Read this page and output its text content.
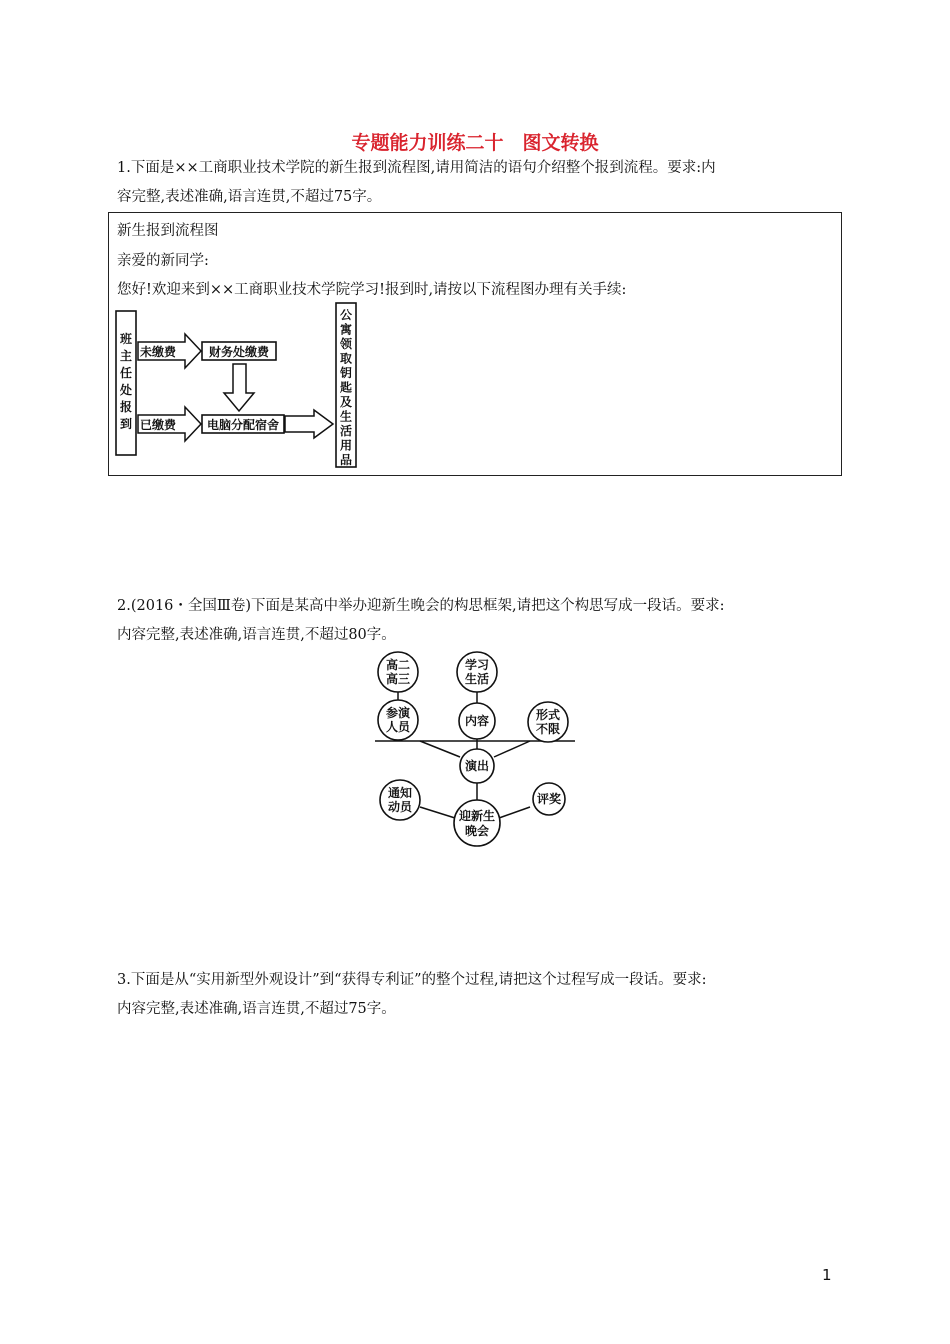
专题能力训练二十　图文转换

1.下面是××工商职业技术学院的新生报到流程图,请用简洁的语句介绍整个报到流程。要求:内

容完整,表述准确,语言连贯,不超过75字。

新生报到流程图
亲爱的新同学:
您好!欢迎来到××工商职业技术学院学习!报到时,请按以下流程图办理有关手续:
班
主
任
处
报
到
未缴费	财务处缴费
已缴费	电脑分配宿舍
公
寓
领
取
钥
匙
及
生
活
用
品

2.(2016・全国Ⅲ卷)下面是某高中举办迎新生晚会的构思框架,请把这个构思写成一段话。要求:

内容完整,表述准确,语言连贯,不超过80字。

高二
高三
学习
生活
参演
人员	内容	形式
不限
演出
通知
动员
评奖
迎新生
晚会

3.下面是从“实用新型外观设计”到“获得专利证”的整个过程,请把这个过程写成一段话。要求:

内容完整,表述准确,语言连贯,不超过75字。

1
